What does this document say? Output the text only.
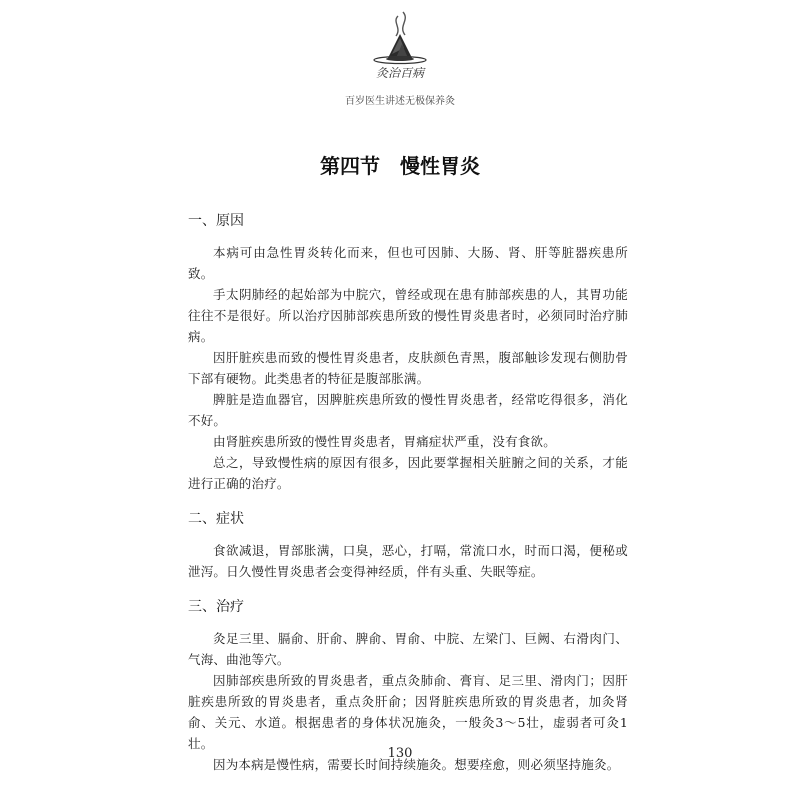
灸治百病
百岁医生讲述无极保养灸
第四节　慢性胃炎
一、原因

本病可由急性胃炎转化而来，但也可因肺、大肠、肾、肝等脏器疾患所致。

手太阴肺经的起始部为中脘穴，曾经或现在患有肺部疾患的人，其胃功能往往不是很好。所以治疗因肺部疾患所致的慢性胃炎患者时，必须同时治疗肺病。

因肝脏疾患而致的慢性胃炎患者，皮肤颜色青黑，腹部触诊发现右侧肋骨下部有硬物。此类患者的特征是腹部胀满。

脾脏是造血器官，因脾脏疾患所致的慢性胃炎患者，经常吃得很多，消化不好。

由肾脏疾患所致的慢性胃炎患者，胃痛症状严重，没有食欲。

总之，导致慢性病的原因有很多，因此要掌握相关脏腑之间的关系，才能进行正确的治疗。

二、症状

食欲减退，胃部胀满，口臭，恶心，打嗝，常流口水，时而口渴，便秘或泄泻。日久慢性胃炎患者会变得神经质，伴有头重、失眠等症。

三、治疗

灸足三里、膈俞、肝俞、脾俞、胃俞、中脘、左梁门、巨阙、右滑肉门、气海、曲池等穴。

因肺部疾患所致的胃炎患者，重点灸肺俞、膏肓、足三里、滑肉门；因肝脏疾患所致的胃炎患者，重点灸肝俞；因肾脏疾患所致的胃炎患者，加灸肾俞、关元、水道。根据患者的身体状况施灸，一般灸3～5壮，虚弱者可灸1壮。

因为本病是慢性病，需要长时间持续施灸。想要痊愈，则必须坚持施灸。

130
